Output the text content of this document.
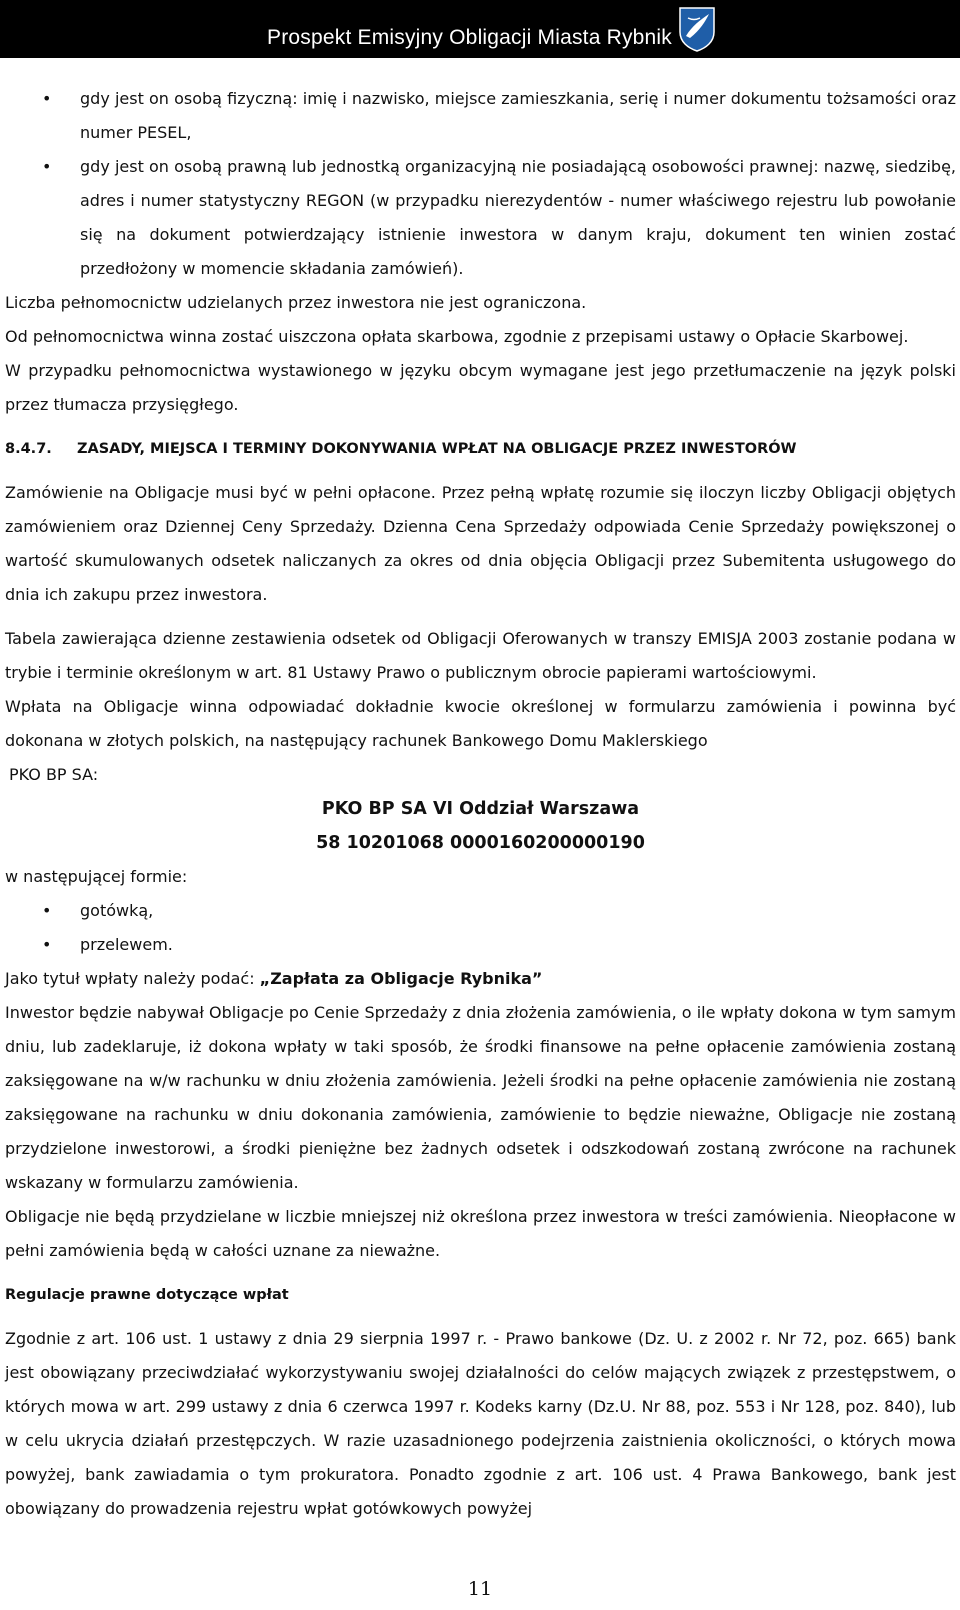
Prospekt Emisyjny Obligacji Miasta Rybnik
• gdy jest on osobą fizyczną: imię i nazwisko, miejsce zamieszkania, serię i numer dokumentu tożsamości oraz numer PESEL,
• gdy jest on osobą prawną lub jednostką organizacyjną nie posiadającą osobowości prawnej: nazwę, siedzibę, adres i numer statystyczny REGON (w przypadku nierezydentów - numer właściwego rejestru lub powołanie się na dokument potwierdzający istnienie inwestora w danym kraju, dokument ten winien zostać przedłożony w momencie składania zamówień).

Liczba pełnomocnictw udzielanych przez inwestora nie jest ograniczona.

Od pełnomocnictwa winna zostać uiszczona opłata skarbowa, zgodnie z przepisami ustawy o Opłacie Skarbowej.

W przypadku pełnomocnictwa wystawionego w języku obcym wymagane jest jego przetłumaczenie na język polski przez tłumacza przysięgłego.

8.4.7. ZASADY, MIEJSCA I TERMINY DOKONYWANIA WPŁAT NA OBLIGACJE PRZEZ INWESTORÓW

Zamówienie na Obligacje musi być w pełni opłacone. Przez pełną wpłatę rozumie się iloczyn liczby Obligacji objętych zamówieniem oraz Dziennej Ceny Sprzedaży. Dzienna Cena Sprzedaży odpowiada Cenie Sprzedaży powiększonej o wartość skumulowanych odsetek naliczanych za okres od dnia objęcia Obligacji przez Subemitenta usługowego do dnia ich zakupu przez inwestora.

Tabela zawierająca dzienne zestawienia odsetek od Obligacji Oferowanych w transzy EMISJA 2003 zostanie podana w trybie i terminie określonym w art. 81 Ustawy Prawo o publicznym obrocie papierami wartościowymi.

Wpłata na Obligacje winna odpowiadać dokładnie kwocie określonej w formularzu zamówienia i powinna być dokonana w złotych polskich, na następujący rachunek Bankowego Domu Maklerskiego

PKO BP SA:

PKO BP SA VI Oddział Warszawa

58 10201068 0000160200000190

w następującej formie:

• gotówką,
• przelewem.

Jako tytuł wpłaty należy podać: „Zapłata za Obligacje Rybnika”

Inwestor będzie nabywał Obligacje po Cenie Sprzedaży z dnia złożenia zamówienia, o ile wpłaty dokona w tym samym dniu, lub zadeklaruje, iż dokona wpłaty w taki sposób, że środki finansowe na pełne opłacenie zamówienia zostaną zaksięgowane na w/w rachunku w dniu złożenia zamówienia. Jeżeli środki na pełne opłacenie zamówienia nie zostaną zaksięgowane na rachunku w dniu dokonania zamówienia, zamówienie to będzie nieważne, Obligacje nie zostaną przydzielone inwestorowi, a środki pieniężne bez żadnych odsetek i odszkodowań zostaną zwrócone na rachunek wskazany w formularzu zamówienia.

Obligacje nie będą przydzielane w liczbie mniejszej niż określona przez inwestora w treści zamówienia. Nieopłacone w pełni zamówienia będą w całości uznane za nieważne.

Regulacje prawne dotyczące wpłat

Zgodnie z art. 106 ust. 1 ustawy z dnia 29 sierpnia 1997 r. - Prawo bankowe (Dz. U. z 2002 r. Nr 72, poz. 665) bank jest obowiązany przeciwdziałać wykorzystywaniu swojej działalności do celów mających związek z przestępstwem, o których mowa w art. 299 ustawy z dnia 6 czerwca 1997 r. Kodeks karny (Dz.U. Nr 88, poz. 553 i Nr 128, poz. 840), lub w celu ukrycia działań przestępczych. W razie uzasadnionego podejrzenia zaistnienia okoliczności, o których mowa powyżej, bank zawiadamia o tym prokuratora. Ponadto zgodnie z art. 106 ust. 4 Prawa Bankowego, bank jest obowiązany do prowadzenia rejestru wpłat gotówkowych powyżej

11
